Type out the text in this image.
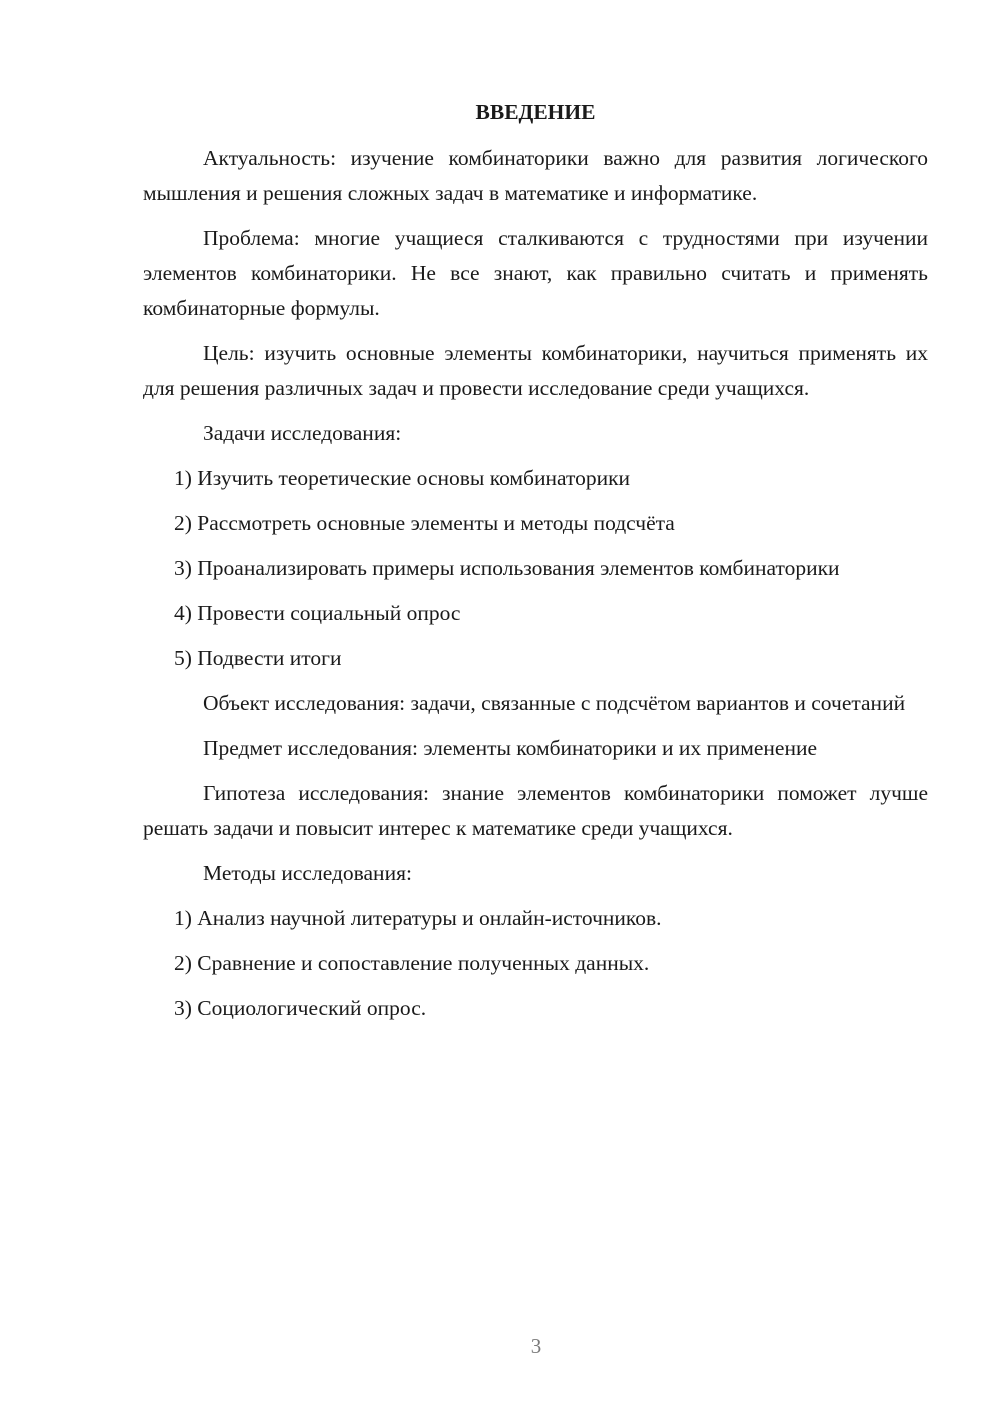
ВВЕДЕНИЕ

Актуальность: изучение комбинаторики важно для развития логического мышления и решения сложных задач в математике и информатике.

Проблема: многие учащиеся сталкиваются с трудностями при изучении элементов комбинаторики. Не все знают, как правильно считать и применять комбинаторные формулы.

Цель: изучить основные элементы комбинаторики, научиться применять их для решения различных задач и провести исследование среди учащихся.

Задачи исследования:

1) Изучить теоретические основы комбинаторики

2) Рассмотреть основные элементы и методы подсчёта

3) Проанализировать примеры использования элементов комбинаторики

4) Провести социальный опрос

5) Подвести итоги

Объект исследования: задачи, связанные с подсчётом вариантов и сочетаний

Предмет исследования: элементы комбинаторики и их применение

Гипотеза исследования: знание элементов комбинаторики поможет лучше решать задачи и повысит интерес к математике среди учащихся.

Методы исследования:

1) Анализ научной литературы и онлайн-источников.

2) Сравнение и сопоставление полученных данных.

3) Социологический опрос.

3
